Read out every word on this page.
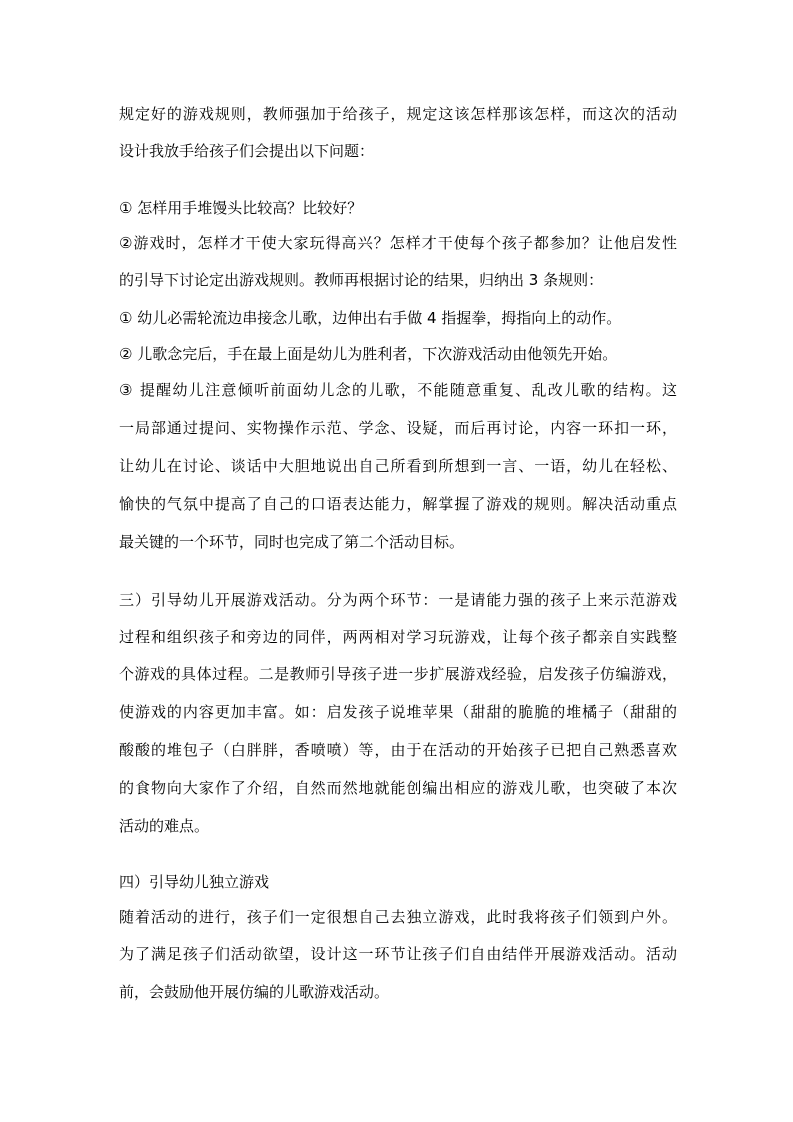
规定好的游戏规则，教师强加于给孩子，规定这该怎样那该怎样，而这次的活动
设计我放手给孩子们会提出以下问题：
① 怎样用手堆馒头比较高？比较好？
②游戏时，怎样才干使大家玩得高兴？怎样才干使每个孩子都参加？让他启发性
的引导下讨论定出游戏规则。教师再根据讨论的结果，归纳出 3 条规则：
① 幼儿必需轮流边串接念儿歌，边伸出右手做 4 指握拳，拇指向上的动作。
② 儿歌念完后，手在最上面是幼儿为胜利者，下次游戏活动由他领先开始。
③ 提醒幼儿注意倾听前面幼儿念的儿歌，不能随意重复、乱改儿歌的结构。这
一局部通过提问、实物操作示范、学念、设疑，而后再讨论，内容一环扣一环，
让幼儿在讨论、谈话中大胆地说出自己所看到所想到一言、一语，幼儿在轻松、
愉快的气氛中提高了自己的口语表达能力，解掌握了游戏的规则。解决活动重点
最关键的一个环节，同时也完成了第二个活动目标。
三）引导幼儿开展游戏活动。分为两个环节：一是请能力强的孩子上来示范游戏
过程和组织孩子和旁边的同伴，两两相对学习玩游戏，让每个孩子都亲自实践整
个游戏的具体过程。二是教师引导孩子进一步扩展游戏经验，启发孩子仿编游戏，
使游戏的内容更加丰富。如：启发孩子说堆苹果（甜甜的脆脆的堆橘子（甜甜的
酸酸的堆包子（白胖胖，香喷喷）等，由于在活动的开始孩子已把自己熟悉喜欢
的食物向大家作了介绍，自然而然地就能创编出相应的游戏儿歌，也突破了本次
活动的难点。
四）引导幼儿独立游戏
随着活动的进行，孩子们一定很想自己去独立游戏，此时我将孩子们领到户外。
为了满足孩子们活动欲望，设计这一环节让孩子们自由结伴开展游戏活动。活动
前，会鼓励他开展仿编的儿歌游戏活动。
